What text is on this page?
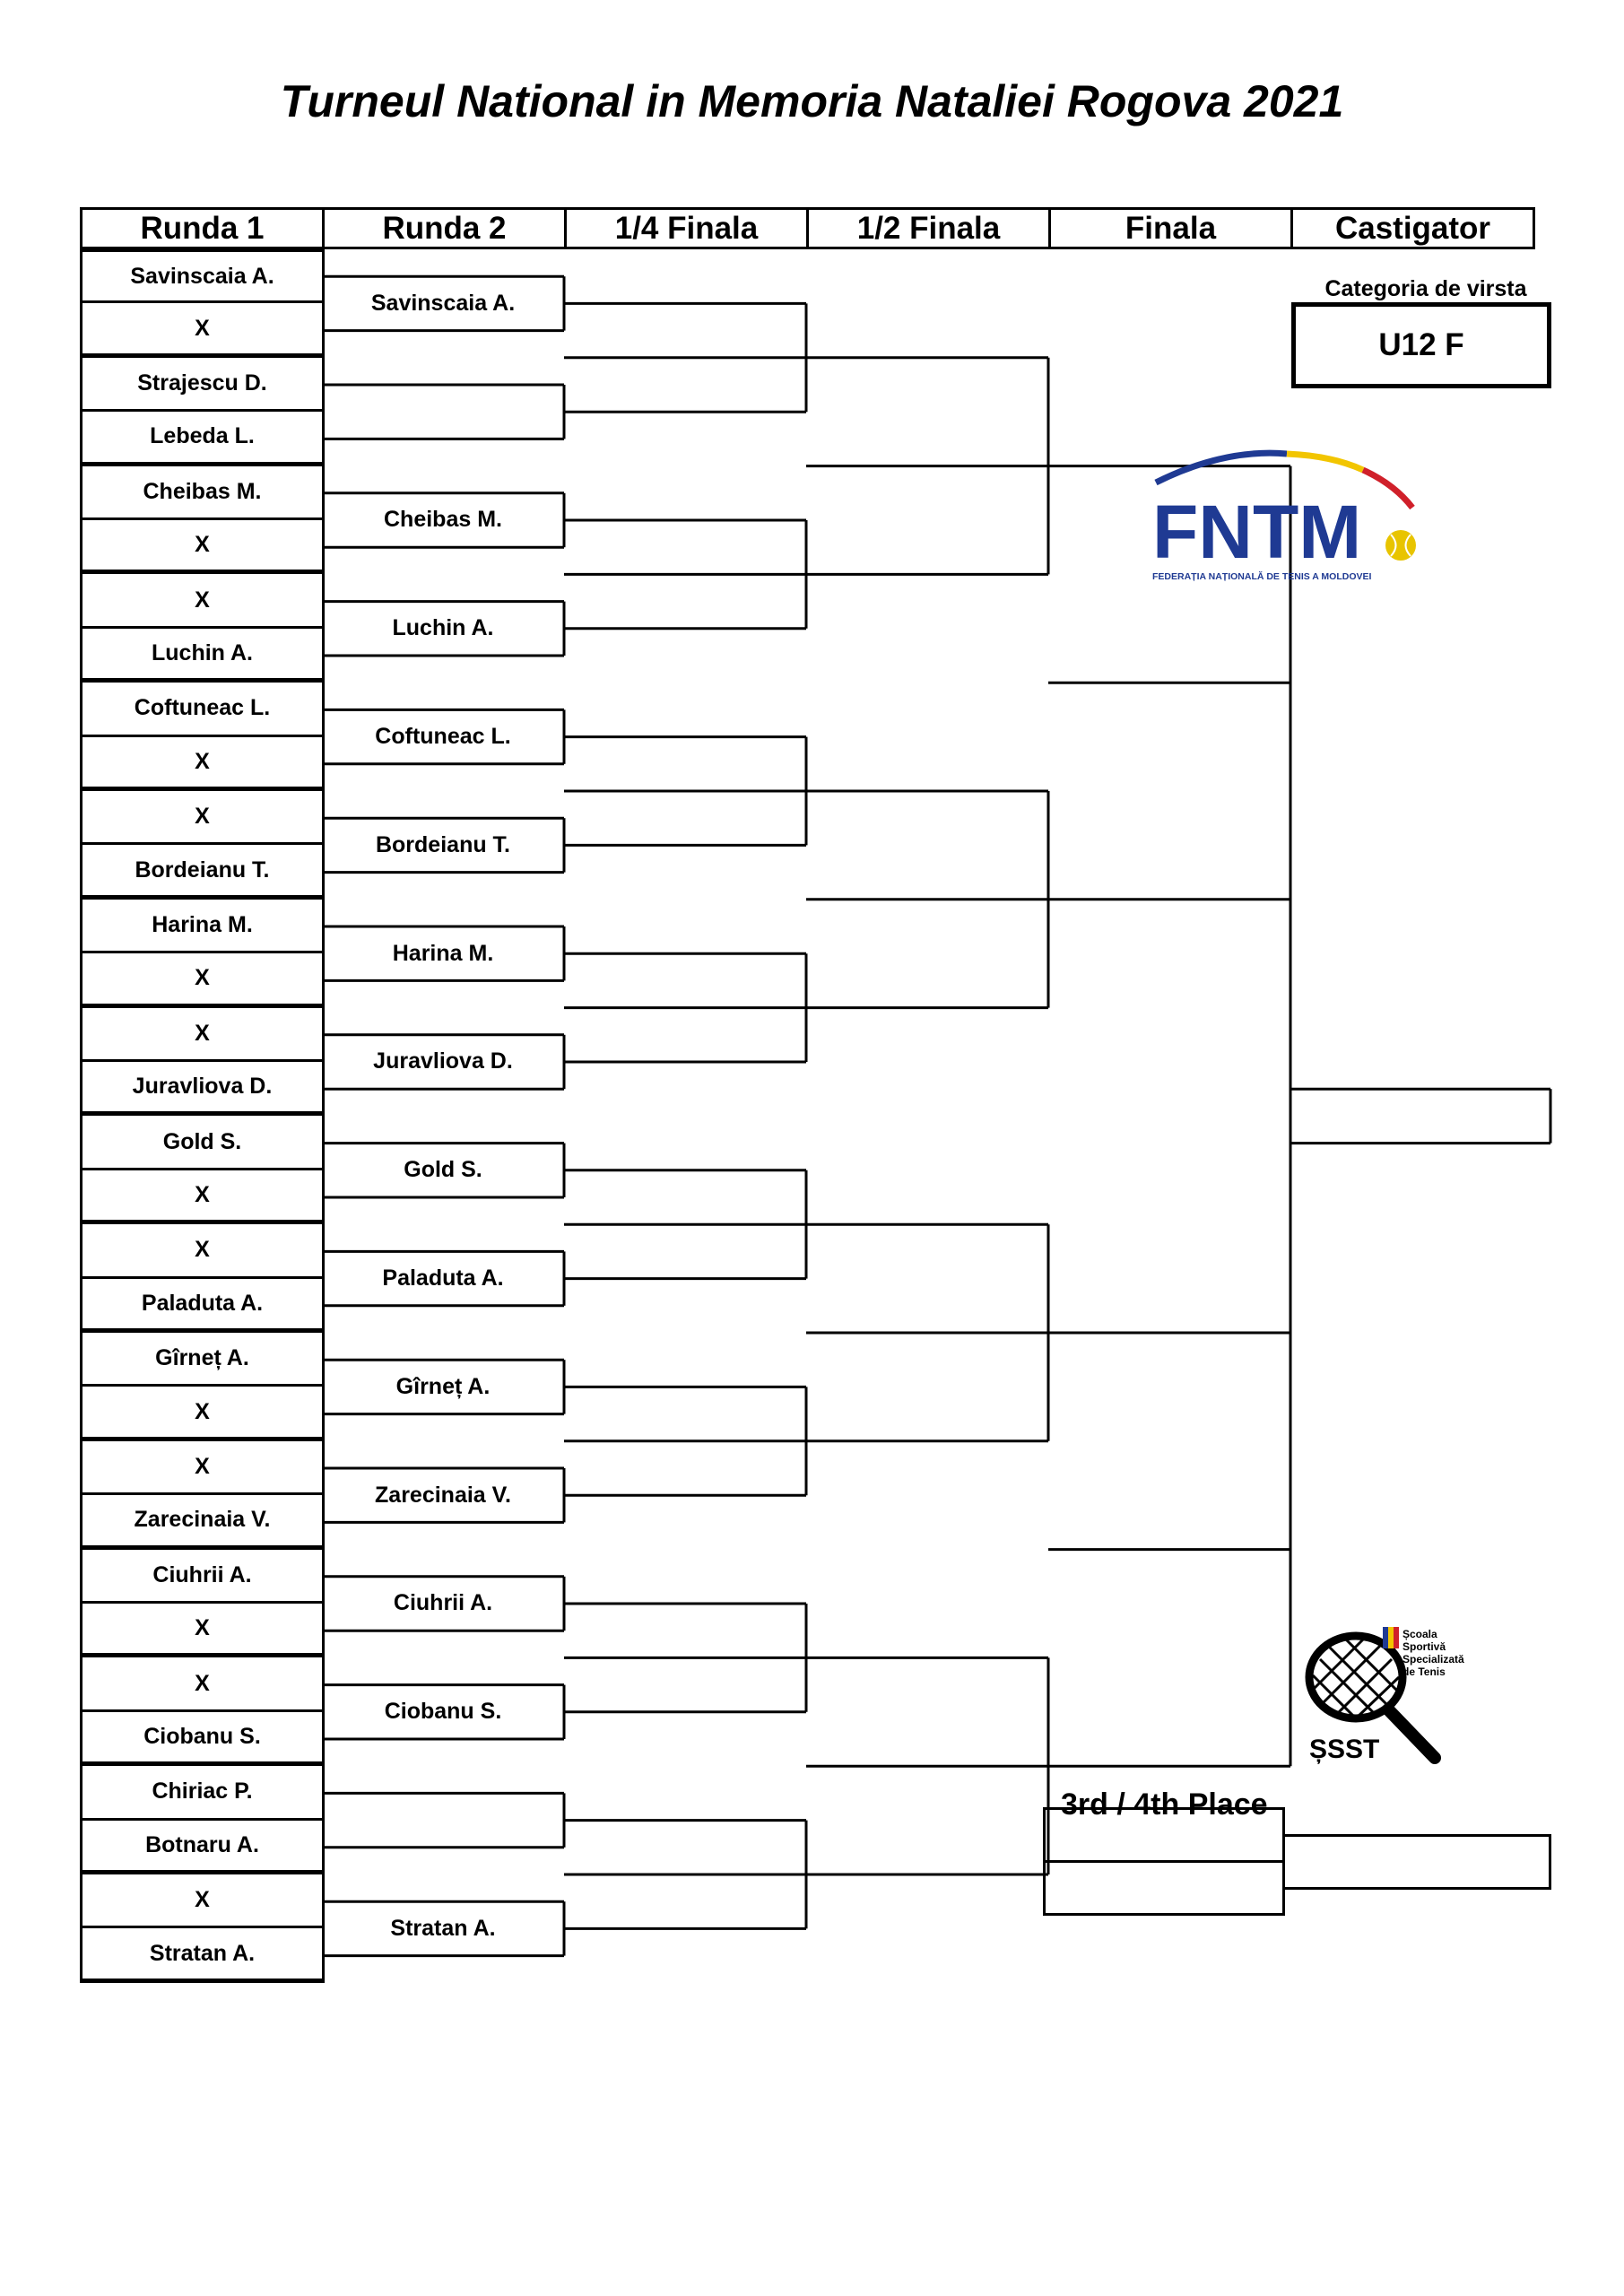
Turneul National in Memoria Nataliei Rogova 2021
Runda 1	Runda 2	1/4 Finala	1/2 Finala	Finala	Castigator
Savinscaia A.
X
Strajescu D.
Lebeda L.
Cheibas M.
X
X
Luchin A.
Coftuneac L.
X
X
Bordeianu T.
Harina M.
X
X
Juravliova D.
Gold S.
X
X
Paladuta A.
Gîrneț A.
X
X
Zarecinaia V.
Ciuhrii A.
X
X
Ciobanu S.
Chiriac P.
Botnaru A.
X
Stratan A.
Savinscaia A.
Cheibas M.
Luchin A.
Coftuneac L.
Bordeianu T.
Harina M.
Juravliova D.
Gold S.
Paladuta A.
Gîrneț A.
Zarecinaia V.
Ciuhrii A.
Ciobanu S.
Stratan A.
Categoria de virsta
U12 F
3rd / 4th Place
FNTM
FEDERAȚIA NAȚIONALĂ DE TENIS A MOLDOVEI
Școala
Sportivă
Specializată
de Tenis
ȘSST
